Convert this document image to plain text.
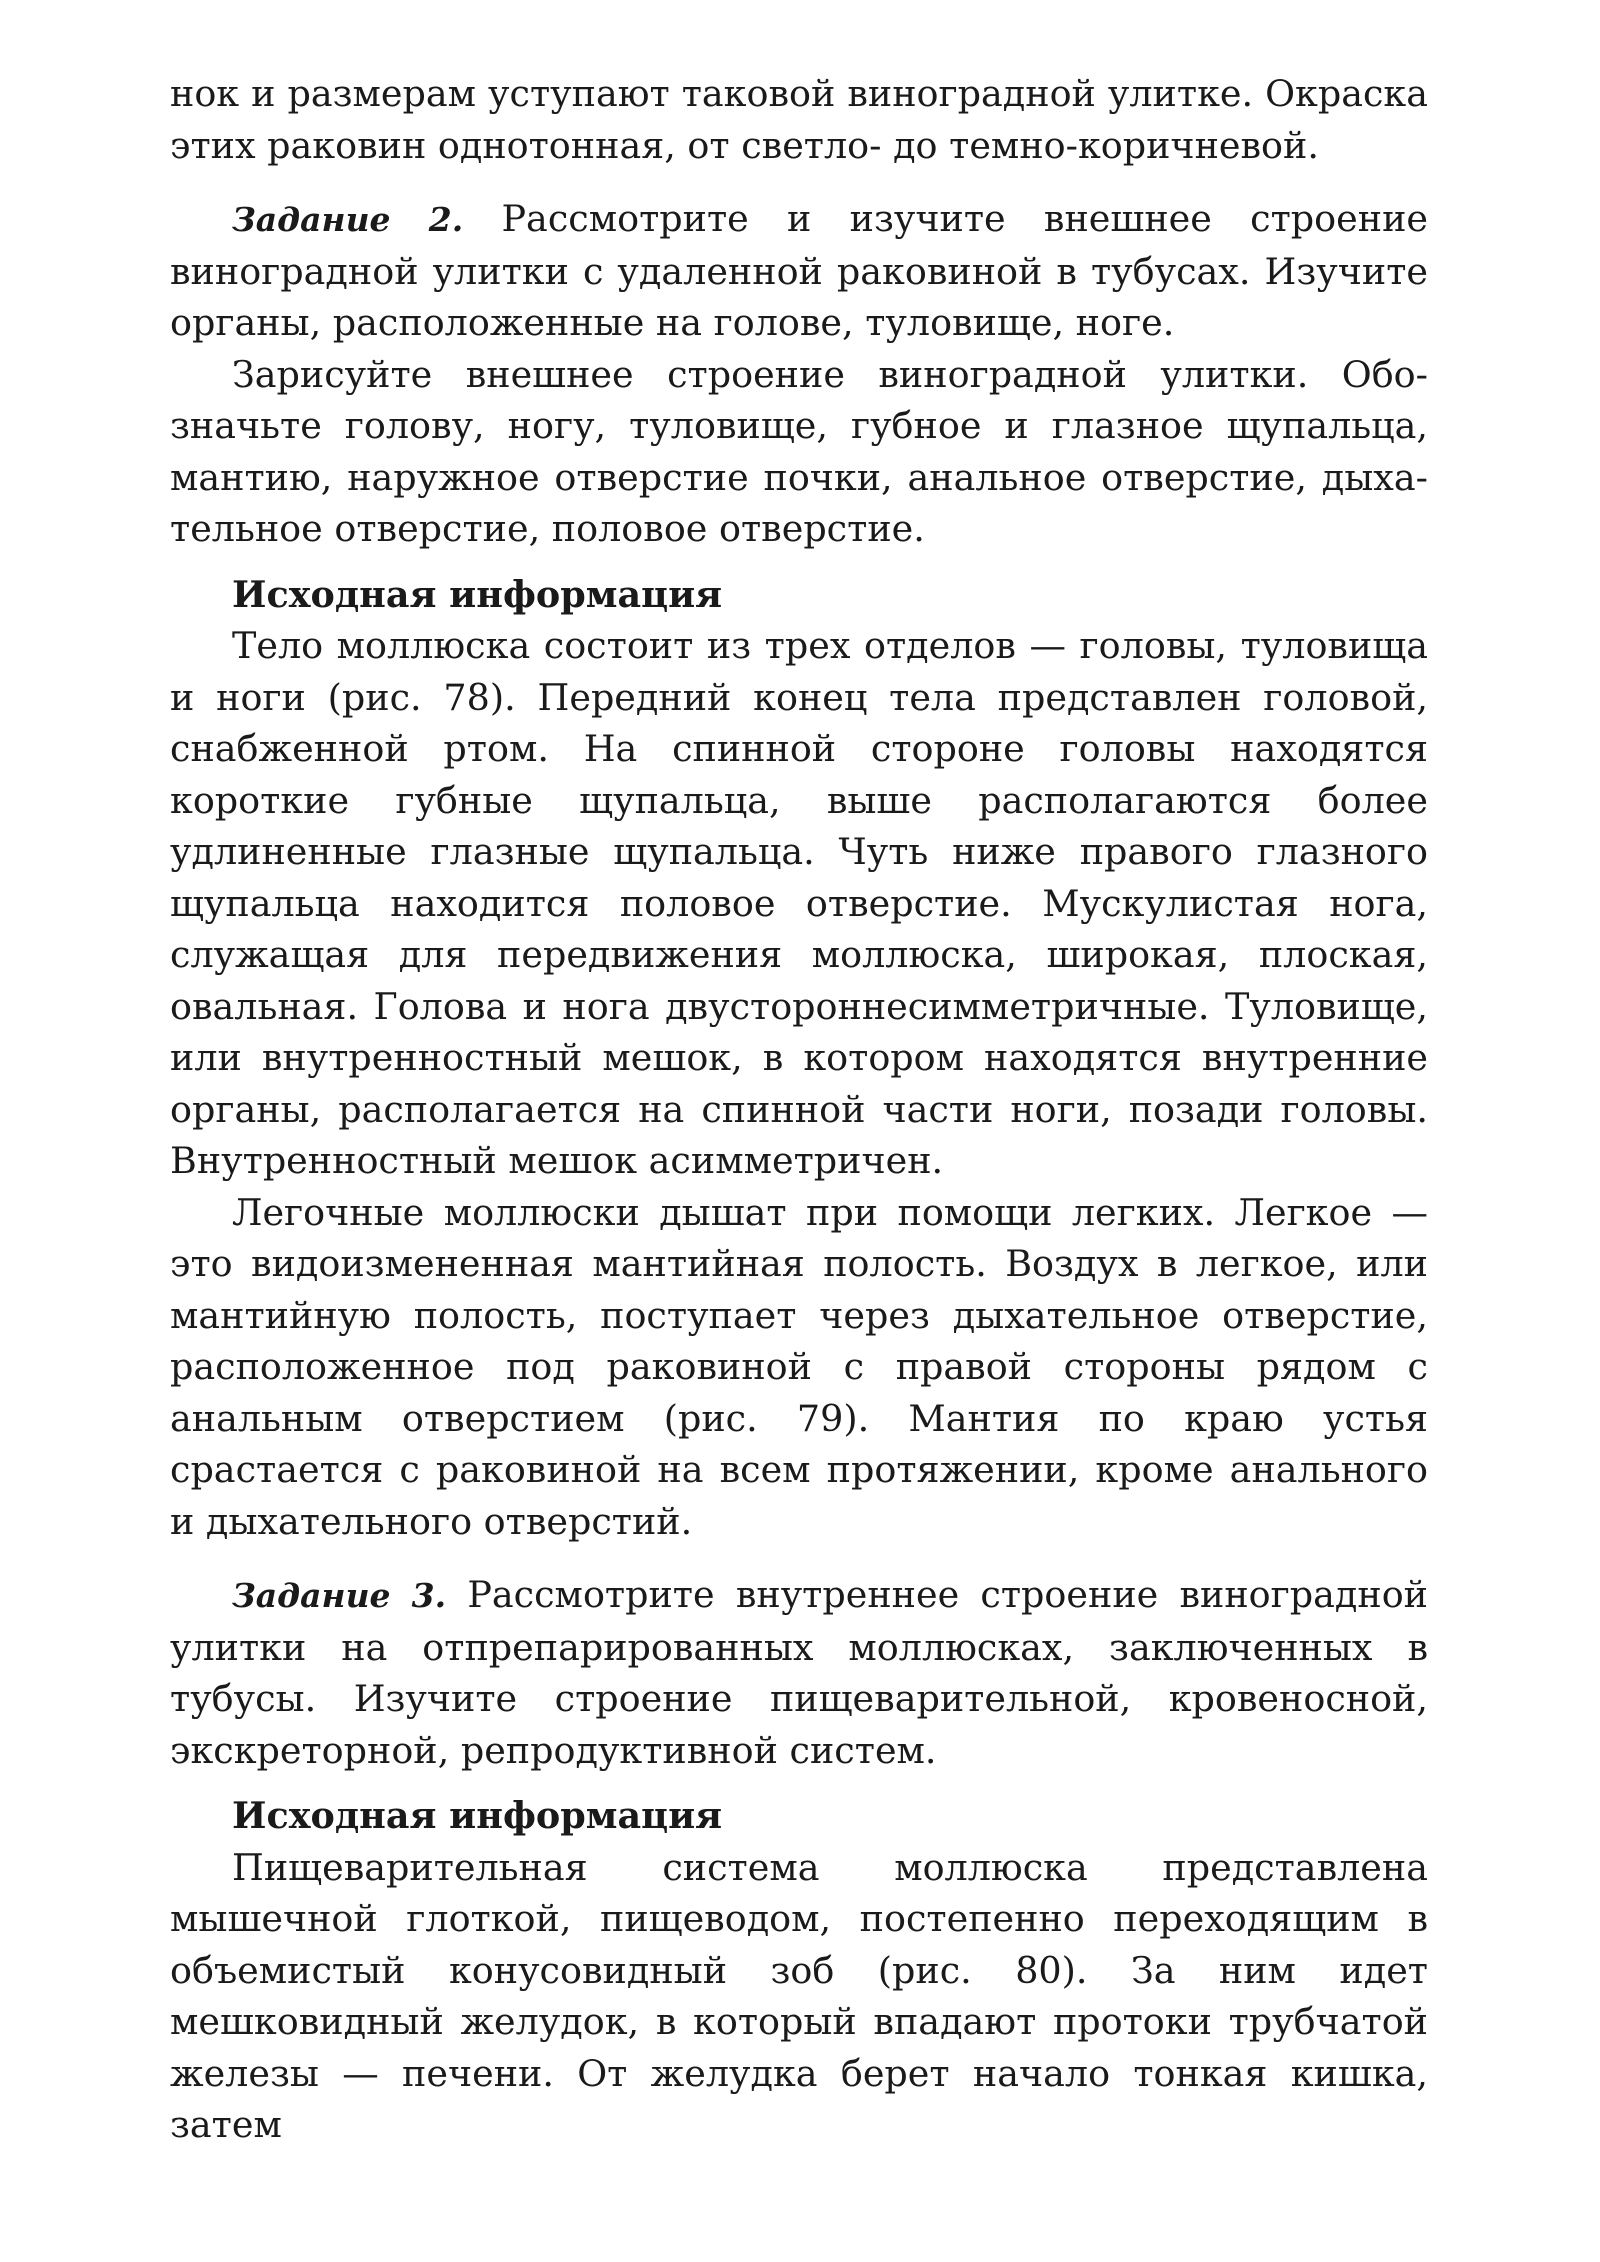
нок и размерам уступают таковой виноградной улитке. Окраска этих раковин однотонная, от светло- до темно-коричневой.

Задание 2. Рассмотрите и изучите внешнее строение виноградной улитки с удаленной раковиной в тубусах. Изучите органы, расположенные на голове, туловище, ноге.

Зарисуйте внешнее строение виноградной улитки. Обозначьте голову, ногу, туловище, губное и глазное щупальца, мантию, наружное отверстие почки, анальное отверстие, дыхательное отверстие, половое отверстие.

Исходная информация

Тело моллюска состоит из трех отделов — головы, туловища и ноги (рис. 78). Передний конец тела представлен головой, снабженной ртом. На спинной стороне головы находятся короткие губные щупальца, выше располагаются более удлиненные глазные щупальца. Чуть ниже правого глазного щупальца находится половое отверстие. Мускулистая нога, служащая для передвижения моллюска, широкая, плоская, овальная. Голова и нога двустороннесимметричные. Туловище, или внутренностный мешок, в котором находятся внутренние органы, располагается на спинной части ноги, позади головы. Внутренностный мешок асимметричен.

Легочные моллюски дышат при помощи легких. Легкое — это видоизмененная мантийная полость. Воздух в легкое, или мантийную полость, поступает через дыхательное отверстие, расположенное под раковиной с правой стороны рядом с анальным отверстием (рис. 79). Мантия по краю устья срастается с раковиной на всем протяжении, кроме анального и дыхательного отверстий.

Задание 3. Рассмотрите внутреннее строение виноградной улитки на отпрепарированных моллюсках, заключенных в тубусы. Изучите строение пищеварительной, кровеносной, экскреторной, репродуктивной систем.

Исходная информация

Пищеварительная система моллюска представлена мышечной глоткой, пищеводом, постепенно переходящим в объемистый конусовидный зоб (рис. 80). За ним идет мешковидный желудок, в который впадают протоки трубчатой железы — печени. От желудка берет начало тонкая кишка, затем
